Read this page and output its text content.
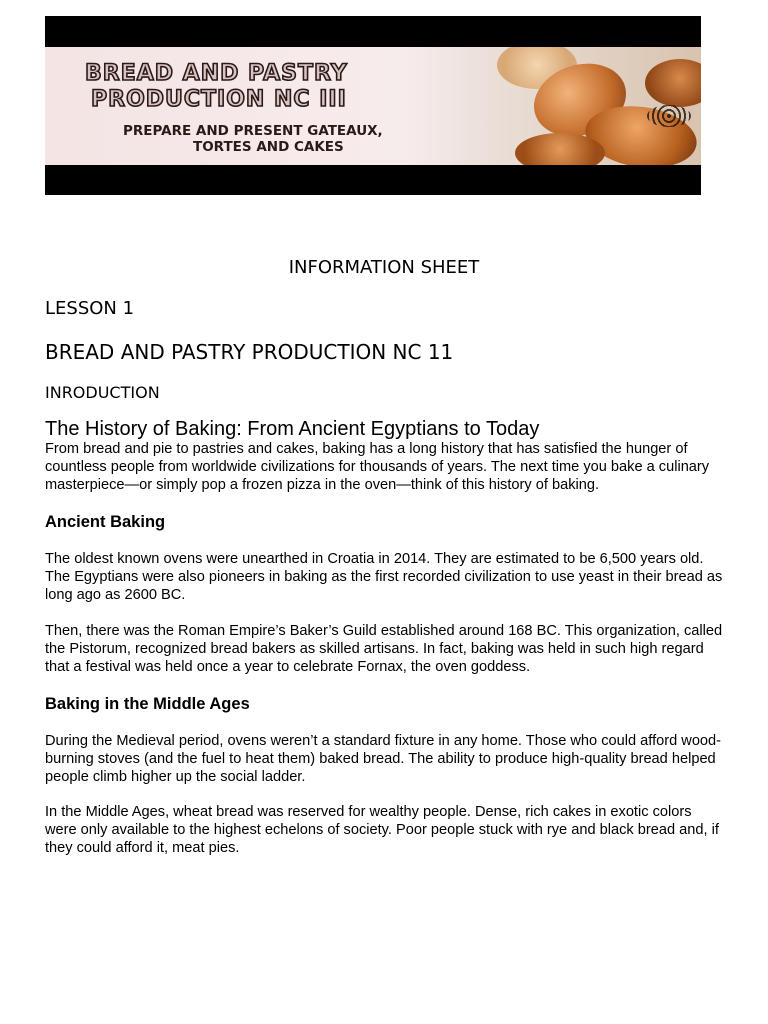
BREAD AND PASTRY
PRODUCTION NC III
PREPARE AND PRESENT GATEAUX,
TORTES AND CAKES
INFORMATION SHEET
LESSON 1
BREAD AND PASTRY PRODUCTION NC 11
INRODUCTION
The History of Baking: From Ancient Egyptians to Today

From bread and pie to pastries and cakes, baking has a long history that has satisfied the hunger of countless people from worldwide civilizations for thousands of years. The next time you bake a culinary masterpiece—or simply pop a frozen pizza in the oven—think of this history of baking.

Ancient Baking

The oldest known ovens were unearthed in Croatia in 2014. They are estimated to be 6,500 years old. The Egyptians were also pioneers in baking as the first recorded civilization to use yeast in their bread as long ago as 2600 BC.

Then, there was the Roman Empire’s Baker’s Guild established around 168 BC. This organization, called the Pistorum, recognized bread bakers as skilled artisans. In fact, baking was held in such high regard that a festival was held once a year to celebrate Fornax, the oven goddess.

Baking in the Middle Ages

During the Medieval period, ovens weren’t a standard fixture in any home. Those who could afford wood-burning stoves (and the fuel to heat them) baked bread. The ability to produce high-quality bread helped people climb higher up the social ladder.

In the Middle Ages, wheat bread was reserved for wealthy people. Dense, rich cakes in exotic colors were only available to the highest echelons of society. Poor people stuck with rye and black bread and, if they could afford it, meat pies.
